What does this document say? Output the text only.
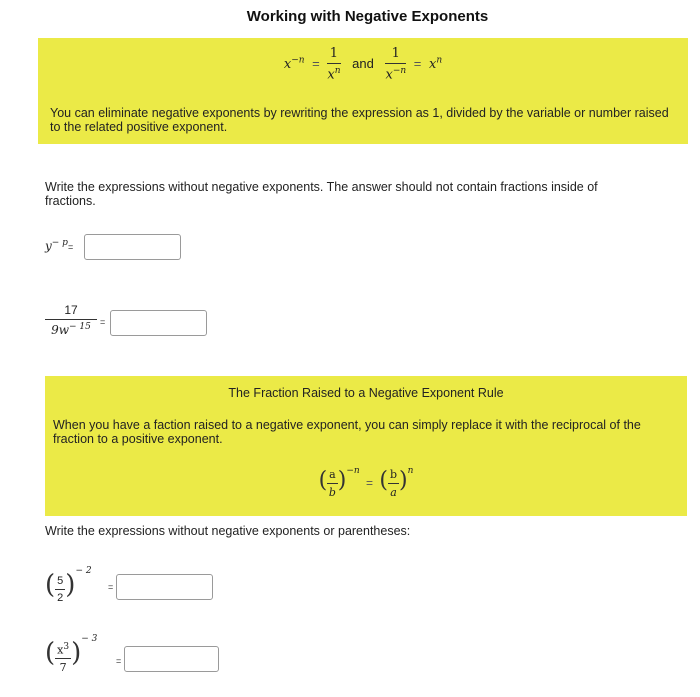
Working with Negative Exponents
$x^{-n} = \frac{1}{x^n}$ and $\frac{1}{x^{-n}} = x^n$
You can eliminate negative exponents by rewriting the expression as 1, divided by the variable or number raised to the related positive exponent.
Write the expressions without negative exponents. The answer should not contain fractions inside of fractions.
$y^{- p}=$
$\frac{17}{9w^{- 15}}$ =
The Fraction Raised to a Negative Exponent Rule
When you have a faction raised to a negative exponent, you can simply replace it with the reciprocal of the fraction to a positive exponent.
( $\frac{a}{b} )^{-n}$ = ( $\frac{b}{a} )^n$
Write the expressions without negative exponents or parentheses:
( $\frac{5}{2} )^{- 2}$
=
( $\frac{x^3}{7} )^{- 3}$
=
